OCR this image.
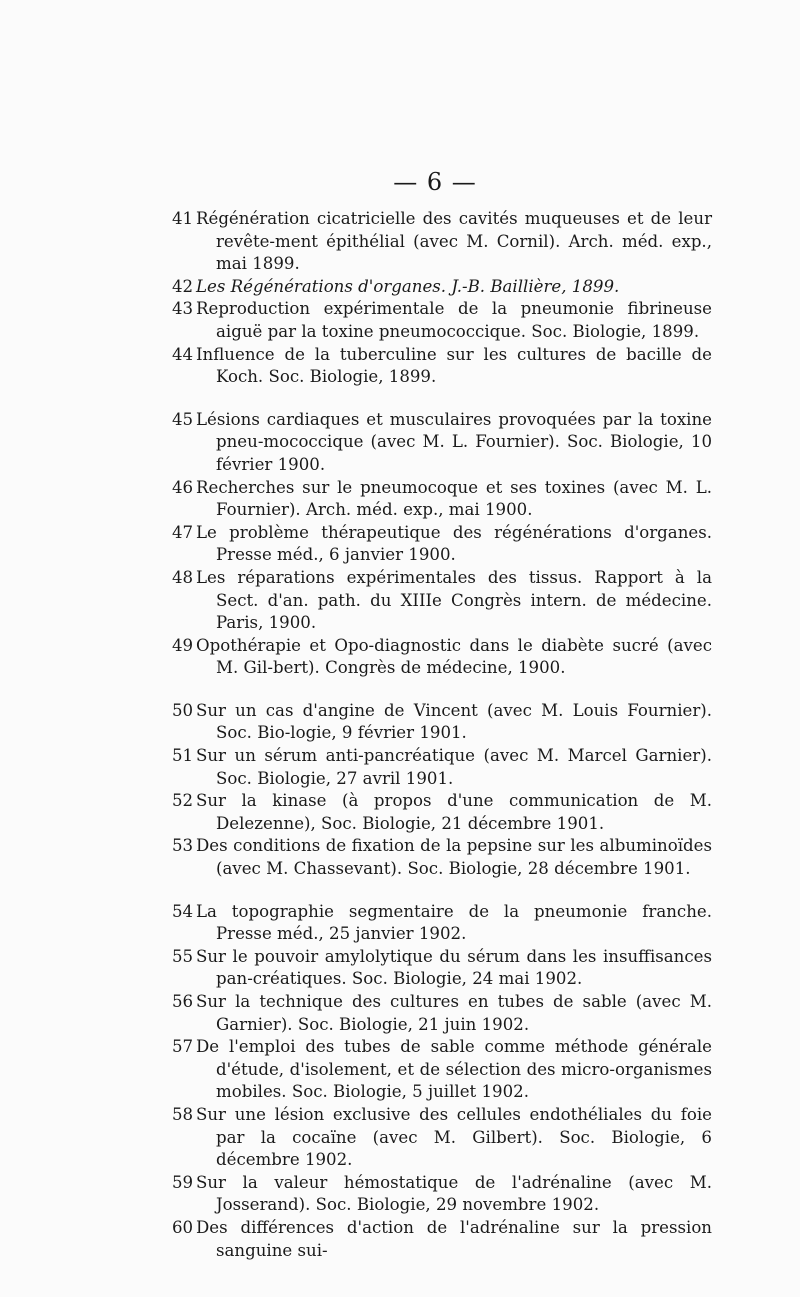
— 6 —
41 Régénération cicatricielle des cavités muqueuses et de leur revête-ment épithélial (avec M. Cornil). Arch. méd. exp., mai 1899.
42 Les Régénérations d'organes. J.-B. Baillière, 1899.
43 Reproduction expérimentale de la pneumonie fibrineuse aiguë par la toxine pneumococcique. Soc. Biologie, 1899.
44 Influence de la tuberculine sur les cultures de bacille de Koch. Soc. Biologie, 1899.
45 Lésions cardiaques et musculaires provoquées par la toxine pneu-mococcique (avec M. L. Fournier). Soc. Biologie, 10 février 1900.
46 Recherches sur le pneumocoque et ses toxines (avec M. L. Fournier). Arch. méd. exp., mai 1900.
47 Le problème thérapeutique des régénérations d'organes. Presse méd., 6 janvier 1900.
48 Les réparations expérimentales des tissus. Rapport à la Sect. d'an. path. du XIIIe Congrès intern. de médecine. Paris, 1900.
49 Opothérapie et Opo-diagnostic dans le diabète sucré (avec M. Gil-bert). Congrès de médecine, 1900.
50 Sur un cas d'angine de Vincent (avec M. Louis Fournier). Soc. Bio-logie, 9 février 1901.
51 Sur un sérum anti-pancréatique (avec M. Marcel Garnier). Soc. Biologie, 27 avril 1901.
52 Sur la kinase (à propos d'une communication de M. Delezenne), Soc. Biologie, 21 décembre 1901.
53 Des conditions de fixation de la pepsine sur les albuminoïdes (avec M. Chassevant). Soc. Biologie, 28 décembre 1901.
54 La topographie segmentaire de la pneumonie franche. Presse méd., 25 janvier 1902.
55 Sur le pouvoir amylolytique du sérum dans les insuffisances pan-créatiques. Soc. Biologie, 24 mai 1902.
56 Sur la technique des cultures en tubes de sable (avec M. Garnier). Soc. Biologie, 21 juin 1902.
57 De l'emploi des tubes de sable comme méthode générale d'étude, d'isolement, et de sélection des micro-organismes mobiles. Soc. Biologie, 5 juillet 1902.
58 Sur une lésion exclusive des cellules endothéliales du foie par la cocaïne (avec M. Gilbert). Soc. Biologie, 6 décembre 1902.
59 Sur la valeur hémostatique de l'adrénaline (avec M. Josserand). Soc. Biologie, 29 novembre 1902.
60 Des différences d'action de l'adrénaline sur la pression sanguine sui-
